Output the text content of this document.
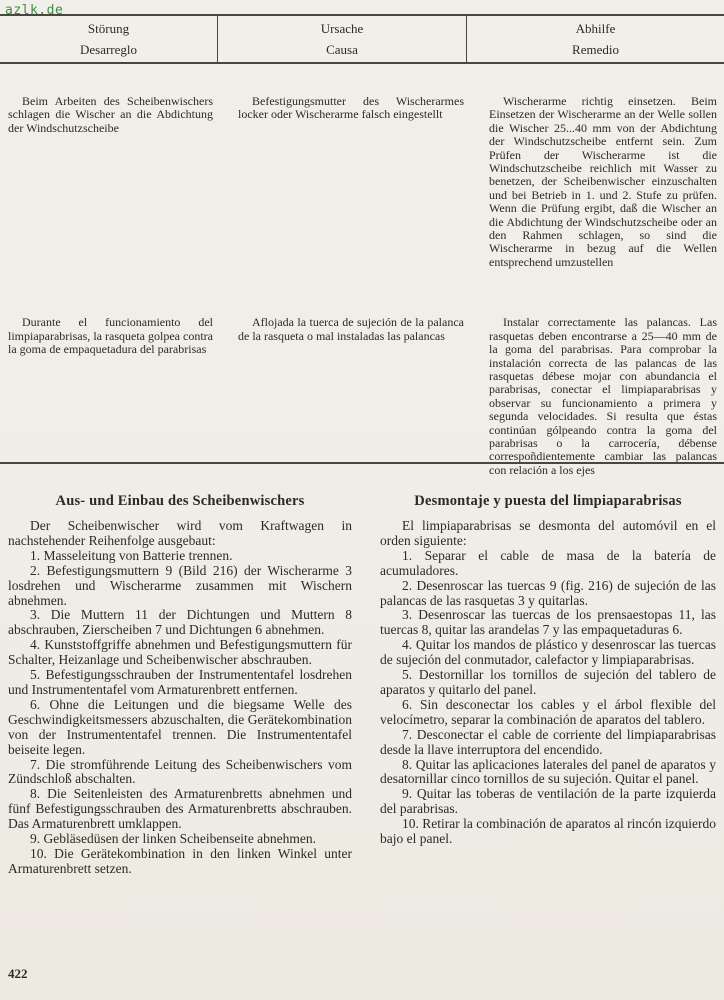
azlk.de
Störung
Desarreglo
Ursache
Causa
Abhilfe
Remedio

Beim Arbeiten des Scheibenwischers schlagen die Wischer an die Abdichtung der Windschutzscheibe

Befestigungsmutter des Wischerarmes locker oder Wischerarme falsch eingestellt

Wischerarme richtig einsetzen. Beim Einsetzen der Wischerarme an der Welle sollen die Wischer 25...40 mm von der Abdichtung der Windschutzscheibe entfernt sein. Zum Prüfen der Wischerarme ist die Windschutzscheibe reichlich mit Wasser zu benetzen, der Scheibenwischer einzuschalten und bei Betrieb in 1. und 2. Stufe zu prüfen. Wenn die Prüfung ergibt, daß die Wischer an die Abdichtung der Windschutzscheibe oder an den Rahmen schlagen, so sind die Wischerarme in bezug auf die Wellen entsprechend umzustellen

Durante el funcionamiento del limpiaparabrisas, la rasqueta golpea contra la goma de empaquetadura del parabrisas

Aflojada la tuerca de sujeción de la palanca de la rasqueta o mal instaladas las palancas

Instalar correctamente las palancas. Las rasquetas deben encontrarse a 25—40 mm de la goma del parabrisas. Para comprobar la instalación correcta de las palancas de las rasquetas débese mojar con abundancia el parabrisas, conectar el limpiaparabrisas y observar su funcionamiento a primera y segunda velocidades. Si resulta que éstas continúan gólpeando contra la goma del parabrisas o la carrocería, débense correspoñdientemente cambiar las palancas con relación a los ejes

Aus- und Einbau des Scheibenwischers

Der Scheibenwischer wird vom Kraftwagen in nachstehender Reihenfolge ausgebaut:

1. Masseleitung von Batterie trennen.

2. Befestigungsmuttern 9 (Bild 216) der Wischerarme 3 losdrehen und Wischerarme zusammen mit Wischern abnehmen.

3. Die Muttern 11 der Dichtungen und Muttern 8 abschrauben, Zierscheiben 7 und Dichtungen 6 abnehmen.

4. Kunststoffgriffe abnehmen und Befestigungsmuttern für Schalter, Heizanlage und Scheibenwischer abschrauben.

5. Befestigungsschrauben der Instrumententafel losdrehen und Instrumententafel vom Armaturenbrett entfernen.

6. Ohne die Leitungen und die biegsame Welle des Geschwindigkeitsmessers abzuschalten, die Gerätekombination von der Instrumententafel trennen. Die Instrumententafel beiseite legen.

7. Die stromführende Leitung des Scheibenwischers vom Zündschloß abschalten.

8. Die Seitenleisten des Armaturenbretts abnehmen und fünf Befestigungsschrauben des Armaturenbretts abschrauben. Das Armaturenbrett umklappen.

9. Gebläsedüsen der linken Scheibenseite abnehmen.

10. Die Gerätekombination in den linken Winkel unter Armaturenbrett setzen.

Desmontaje y puesta del limpiaparabrisas

El limpiaparabrisas se desmonta del automóvil en el orden siguiente:

1. Separar el cable de masa de la batería de acumuladores.

2. Desenroscar las tuercas 9 (fig. 216) de sujeción de las palancas de las rasquetas 3 y quitarlas.

3. Desenroscar las tuercas de los prensaestopas 11, las tuercas 8, quitar las arandelas 7 y las empaquetaduras 6.

4. Quitar los mandos de plástico y desenroscar las tuercas de sujeción del conmutador, calefactor y limpiaparabrisas.

5. Destornillar los tornillos de sujeción del tablero de aparatos y quitarlo del panel.

6. Sin desconectar los cables y el árbol flexible del velocímetro, separar la combinación de aparatos del tablero.

7. Desconectar el cable de corriente del limpiaparabrisas desde la llave interruptora del encendido.

8. Quitar las aplicaciones laterales del panel de aparatos y desatornillar cinco tornillos de su sujeción. Quitar el panel.

9. Quitar las toberas de ventilación de la parte izquierda del parabrisas.

10. Retirar la combinación de aparatos al rincón izquierdo bajo el panel.

422
